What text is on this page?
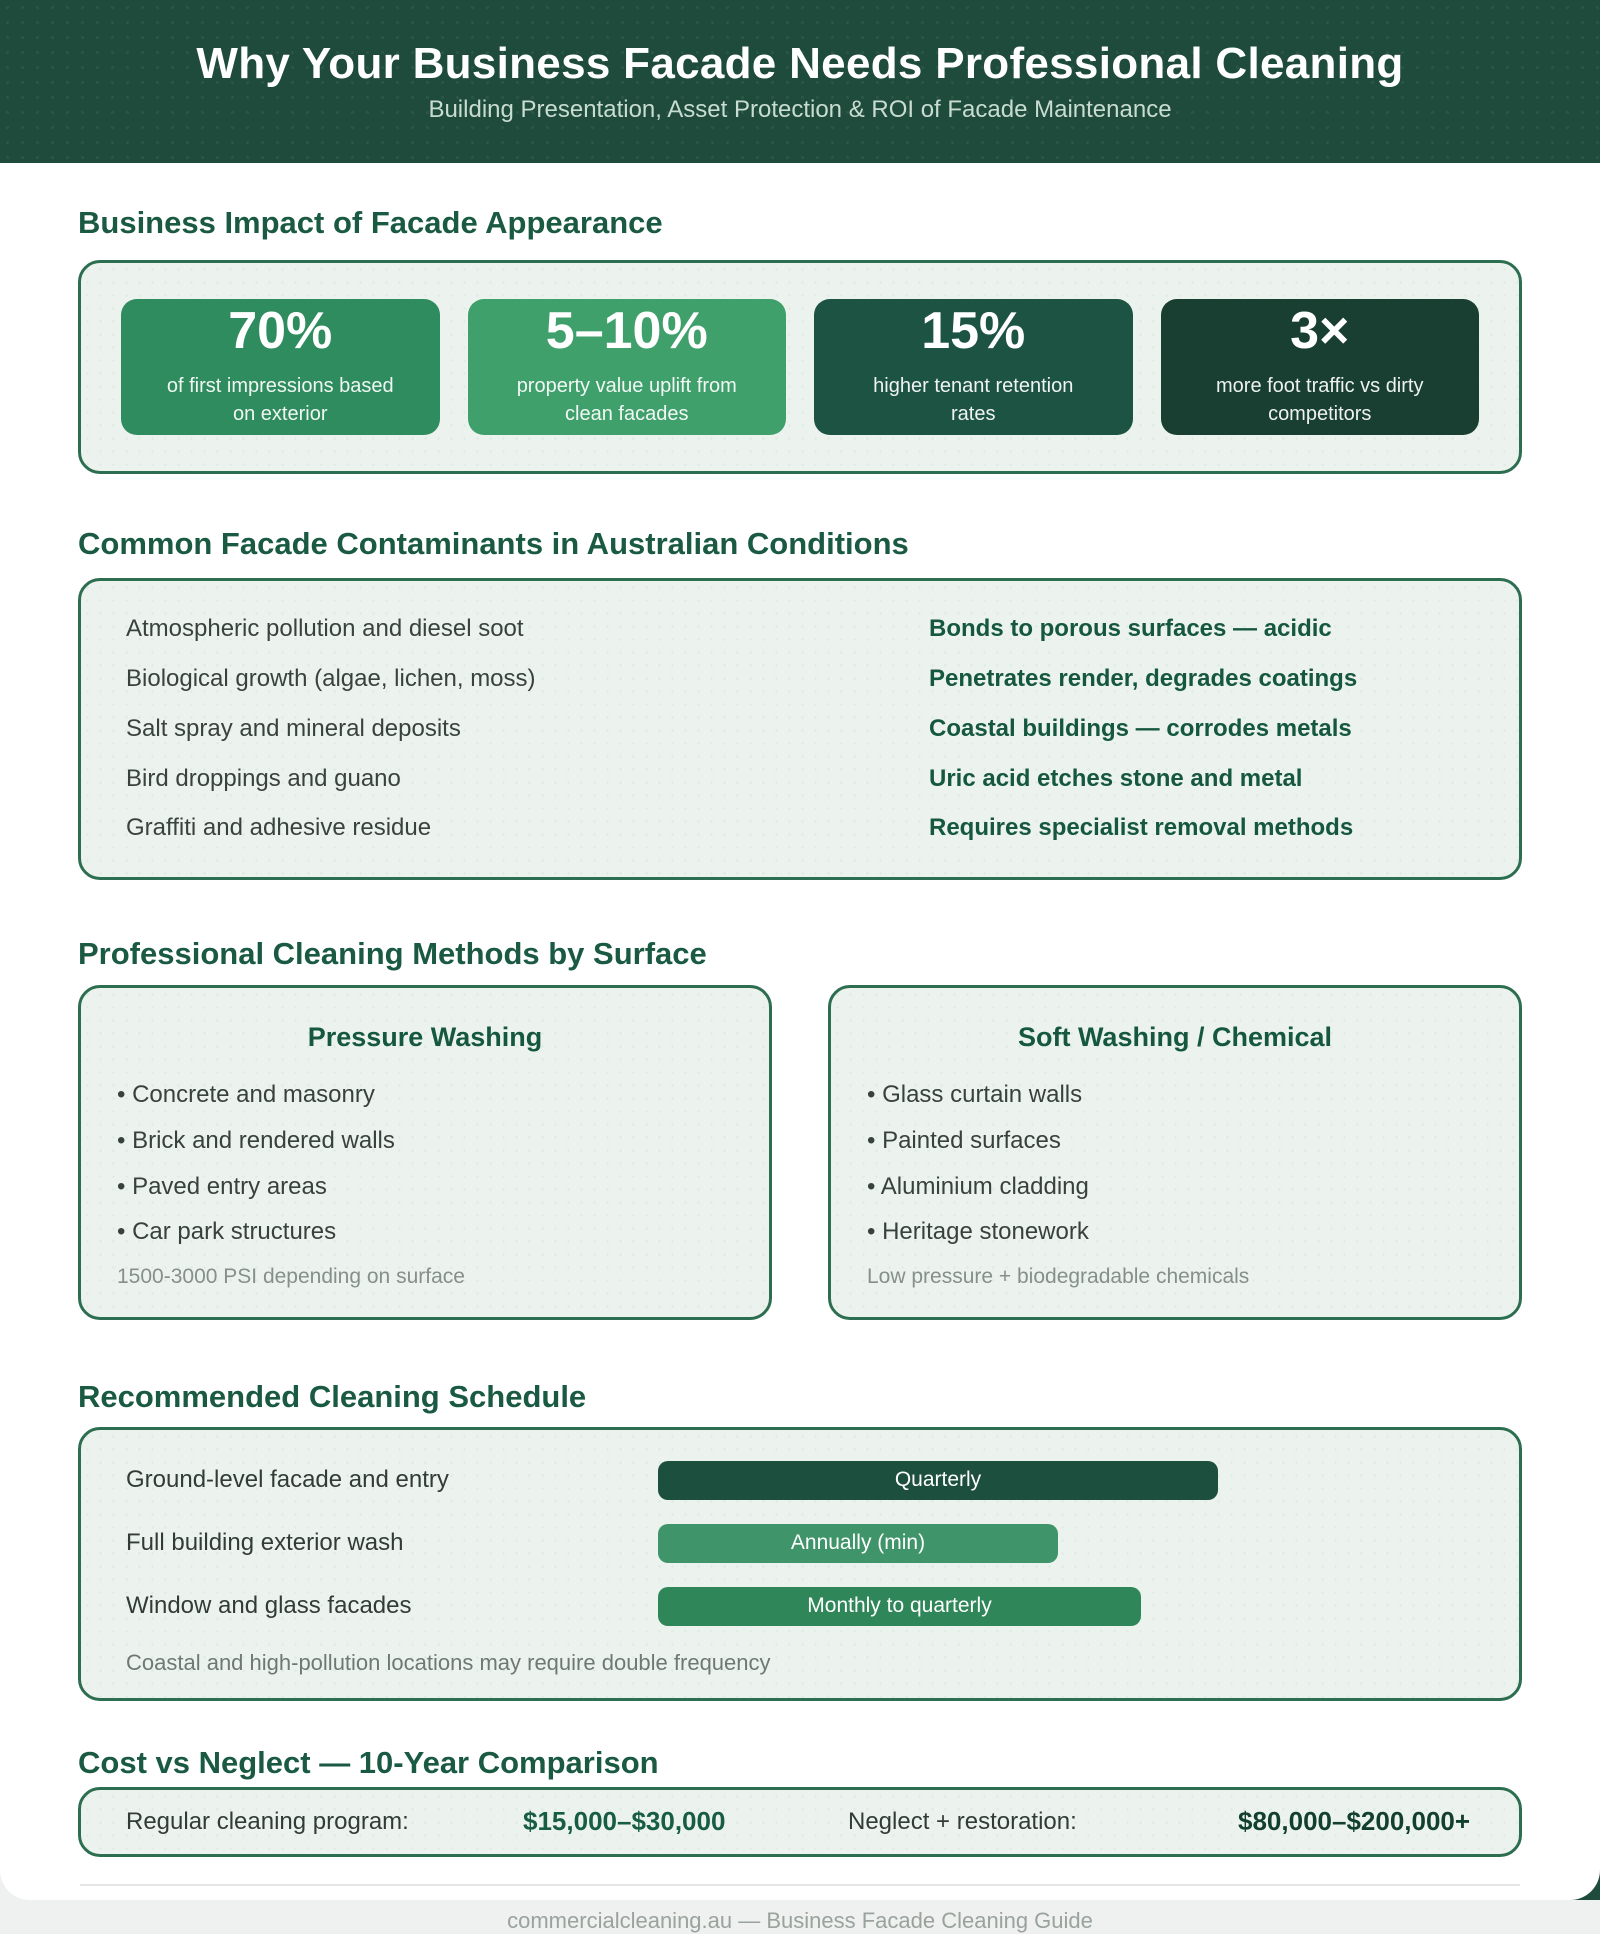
Why Your Business Facade Needs Professional Cleaning

Building Presentation, Asset Protection & ROI of Facade Maintenance

Business Impact of Facade Appearance
70%
of first impressions based on exterior
5–10%
property value uplift from clean facades
15%
higher tenant retention rates
3×
more foot traffic vs dirty competitors
Common Facade Contaminants in Australian Conditions
Atmospheric pollution and diesel soot	Bonds to porous surfaces — acidic
Biological growth (algae, lichen, moss)	Penetrates render, degrades coatings
Salt spray and mineral deposits	Coastal buildings — corrodes metals
Bird droppings and guano	Uric acid etches stone and metal
Graffiti and adhesive residue	Requires specialist removal methods
Professional Cleaning Methods by Surface
Pressure Washing
• Concrete and masonry
• Brick and rendered walls
• Paved entry areas
• Car park structures
1500-3000 PSI depending on surface
Soft Washing / Chemical
• Glass curtain walls
• Painted surfaces
• Aluminium cladding
• Heritage stonework
Low pressure + biodegradable chemicals
Recommended Cleaning Schedule
Ground-level facade and entry	Quarterly
Full building exterior wash	Annually (min)
Window and glass facades	Monthly to quarterly
Coastal and high-pollution locations may require double frequency
Cost vs Neglect — 10-Year Comparison
Regular cleaning program:	$15,000–$30,000	Neglect + restoration:	$80,000–$200,000+
commercialcleaning.au — Business Facade Cleaning Guide
